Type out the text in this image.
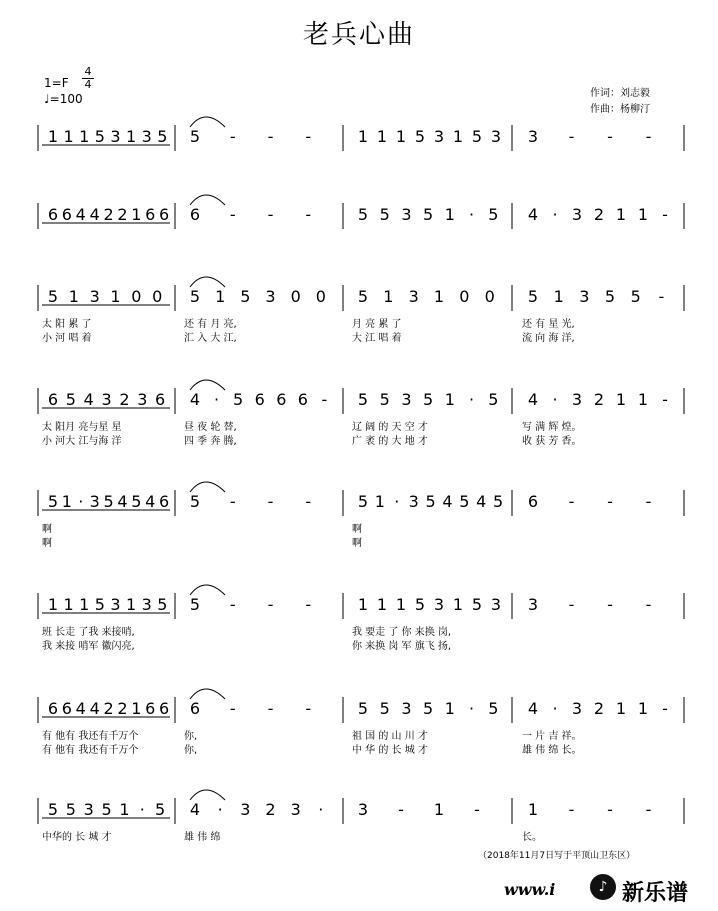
老兵心曲
1=F
4
4
♩=100	作词：刘志毅
作曲：杨柳汀
1 1 1 5 3 1 3 5 5 - - -	1 1 1 5 3 1 5 3 3 - - -
6 6 4 4 2 2 1 6 6 6 - - -	5 5 3 5 1 · 5 4 · 3 2 1 1 -
5 1 3 1 0 0
太 阳 累 了
小 河 唱 着
5 1 5 3 0 0
还 有 月 亮,
汇 入 大 江,
5 1 3 1 0 0
月 亮 累 了
大 江 唱 着
5 1 3 5 5 -
还 有 星 光,
流 向 海 洋,
6 5 4 3 2 3 6
太 阳月 亮与星 星
小 河大 江与海 洋
4 · 5 6 6 6 -
昼 夜 轮 替,
四 季 奔 腾,
5 5 3 5 1 · 5
辽 阔 的 天 空 才
广 袤 的 大 地 才
4 · 3 2 1 1 -
写 满 辉 煌。
收 获 芳 香。
5 1 · 3 5 4 5 4 6
啊
啊
5 - - -	5 1 · 3 5 4 5 4 5
啊
啊
6 - - -
1 1 1 5 3 1 3 5
班 长走 了我 来接哨,
我 来接 哨军 徽闪亮,
5 - - -	1 1 1 5 3 1 5 3
我 要走 了 你 来换 岗,
你 来换 岗 军 旗飞 扬,
3 - - -
6 6 4 4 2 2 1 6 6
有 他有 我还有千万个
有 他有 我还有千万个
6 - - -
你,
你,
5 5 3 5 1 · 5
祖 国 的 山 川 才
中 华 的 长 城 才
4 · 3 2 1 1 -
一 片 吉 祥。
雄 伟 绵 长。
5 5 3 5 1 · 5
中华的 长 城 才
4 · 3 2 3 ·
雄 伟 绵
3 - 1 -	1 - - -
长。
（2018年11月7日写于平顶山卫东区）
www.i	♪ 新乐谱
